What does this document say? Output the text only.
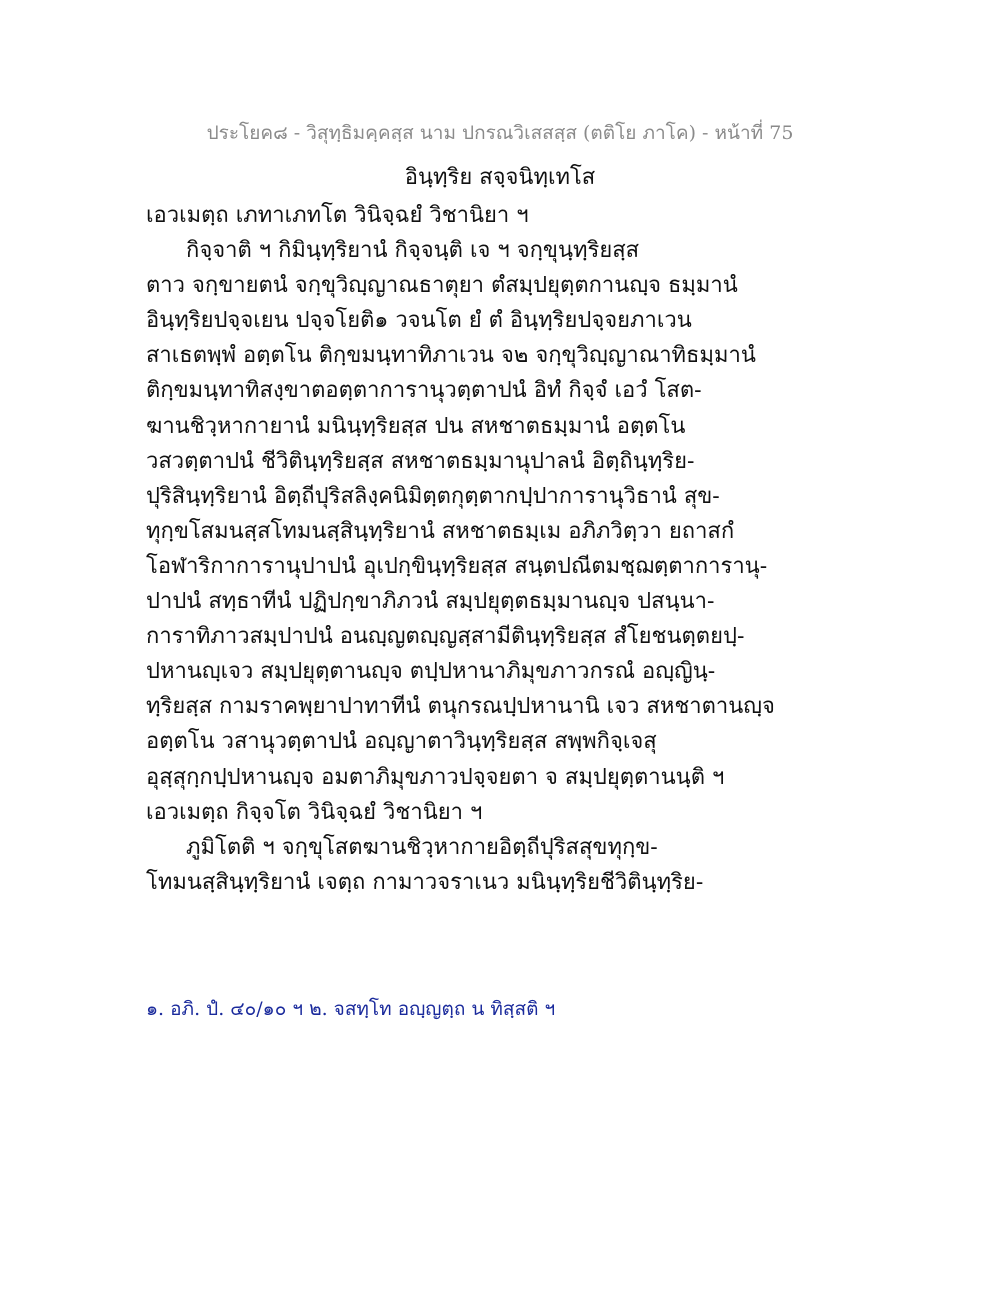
ประโยค๘ - วิสุทฺธิมคฺคสฺส นาม ปกรณวิเสสสฺส (ตติโย ภาโค) - หน้าที่ 75
อินฺทฺริย สจฺจนิทฺเทโส
เอวเมตฺถ เภทาเภทโต วินิจฺฉยํ วิชานิยา ฯ
กิจฺจาติ ฯ กิมินฺทฺริยานํ กิจฺจนฺติ เจ ฯ จกฺขุนฺทฺริยสฺส
ตาว จกฺขายตนํ จกฺขุวิญฺญาณธาตุยา ตํสมฺปยุตฺตกานญฺจ ธมฺมานํ
อินฺทฺริยปจฺจเยน ปจฺจโยติ๑ วจนโต ยํ ตํ อินฺทฺริยปจฺจยภาเวน
สาเธตพฺพํ อตฺตโน ติกฺขมนฺทาทิภาเวน จ๒ จกฺขุวิญฺญาณาทิธมฺมานํ
ติกฺขมนฺทาทิสงฺขาตอตฺตาการานุวตฺตาปนํ อิทํ กิจฺจํ เอวํ โสต-
ฆานชิวฺหากายานํ มนินฺทฺริยสฺส ปน สหชาตธมฺมานํ อตฺตโน
วสวตฺตาปนํ ชีวิตินฺทฺริยสฺส สหชาตธมฺมานุปาลนํ อิตฺถินฺทฺริย-
ปุริสินฺทฺริยานํ อิตฺถีปุริสลิงฺคนิมิตฺตกุตฺตากปฺปาการานุวิธานํ สุข-
ทุกฺขโสมนสฺสโทมนสฺสินฺทฺริยานํ สหชาตธมฺเม อภิภวิตฺวา ยถาสกํ
โอฬาริกาการานุปาปนํ อุเปกฺขินฺทฺริยสฺส สนฺตปณีตมชฺฌตฺตาการานุ-
ปาปนํ สทฺธาทีนํ ปฏิปกฺขาภิภวนํ สมฺปยุตฺตธมฺมานญฺจ ปสนฺนา-
การาทิภาวสมฺปาปนํ อนญฺญตญฺญสฺสามีตินฺทฺริยสฺส สํโยชนตฺตยปฺ-
ปหานญฺเจว สมฺปยุตฺตานญฺจ ตปฺปหานาภิมุขภาวกรณํ อญฺญินฺ-
ทฺริยสฺส กามราคพฺยาปาทาทีนํ ตนุกรณปฺปหานานิ เจว สหชาตานญฺจ
อตฺตโน วสานุวตฺตาปนํ อญฺญาตาวินฺทฺริยสฺส สพฺพกิจฺเจสุ
อุสฺสุกฺกปฺปหานญฺจ อมตาภิมุขภาวปจฺจยตา จ สมฺปยุตฺตานนฺติ ฯ
เอวเมตฺถ กิจฺจโต วินิจฺฉยํ วิชานิยา ฯ
ภูมิโตติ ฯ จกฺขุโสตฆานชิวฺหากายอิตฺถีปุริสสุขทุกฺข-
โทมนสฺสินฺทฺริยานํ เจตฺถ กามาวจราเนว มนินฺทฺริยชีวิตินฺทฺริย-
๑. อภิ. ปํ. ๔๐/๑๐ ฯ ๒. จสทฺโท อญฺญตฺถ น ทิสฺสติ ฯ
